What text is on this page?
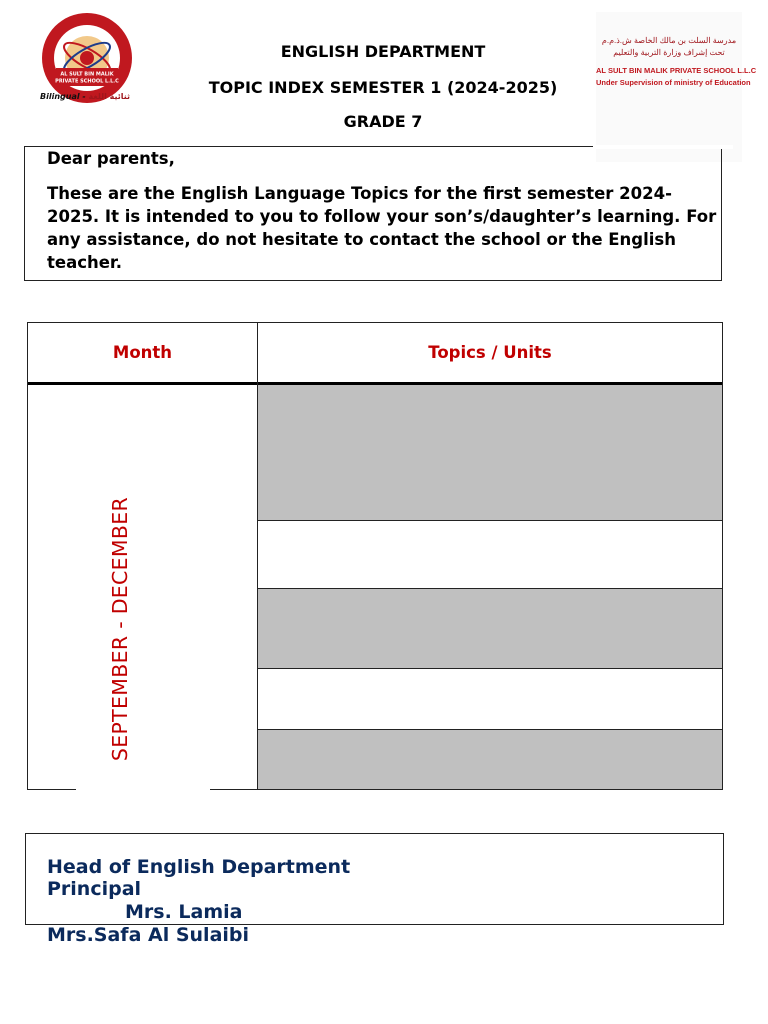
AL SULT BIN MALIK
PRIVATE SCHOOL L.L.C
Bilingual - ثنائية اللغة
مدرسة السلت بن مالك الخاصة ش.ذ.م.م
تحت إشراف وزارة التربية والتعليم
AL SULT BIN MALIK PRIVATE SCHOOL L.L.C
Under Supervision of ministry of Education
ENGLISH DEPARTMENT
TOPIC INDEX SEMESTER 1 (2024-2025)
GRADE 7
Dear parents,
These are the English Language Topics for the first semester 2024-2025. It is intended to you to follow your son’s/daughter’s learning. For any assistance, do not hesitate to contact the school or the English teacher.
Month	Topics / Units
SEPTEMBER - DECEMBER
Head of English Department
Principal
Mrs. Lamia
Mrs.Safa Al Sulaibi
